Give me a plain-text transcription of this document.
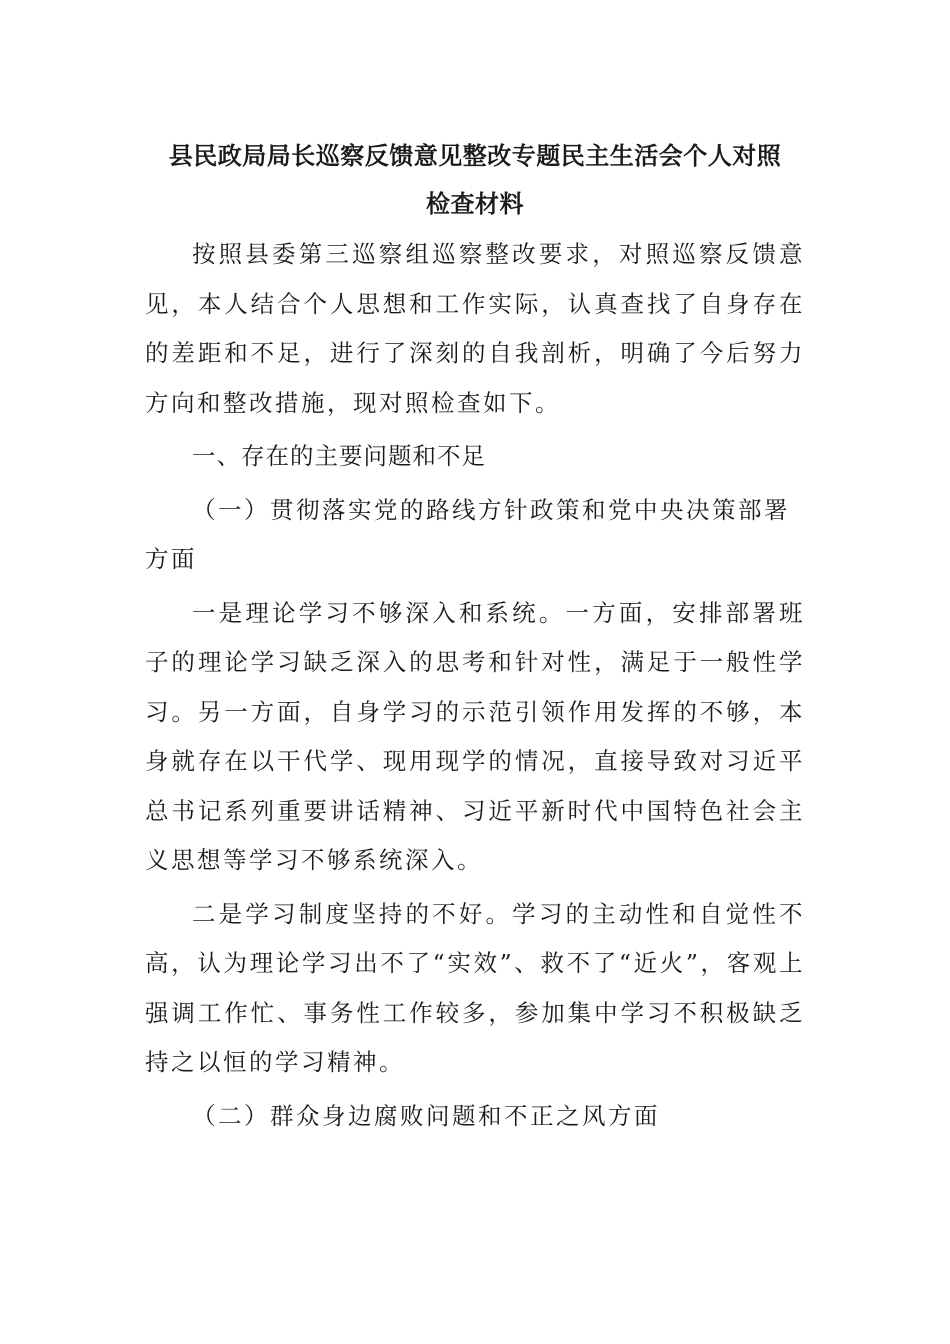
县民政局局长巡察反馈意见整改专题民主生活会个人对照
检查材料

按照县委第三巡察组巡察整改要求，对照巡察反馈意见，本人结合个人思想和工作实际，认真查找了自身存在的差距和不足，进行了深刻的自我剖析，明确了今后努力方向和整改措施，现对照检查如下。

一、存在的主要问题和不足

（一）贯彻落实党的路线方针政策和党中央决策部署方面

一是理论学习不够深入和系统。一方面，安排部署班子的理论学习缺乏深入的思考和针对性，满足于一般性学习。另一方面，自身学习的示范引领作用发挥的不够，本身就存在以干代学、现用现学的情况，直接导致对习近平总书记系列重要讲话精神、习近平新时代中国特色社会主义思想等学习不够系统深入。

二是学习制度坚持的不好。学习的主动性和自觉性不高，认为理论学习出不了“实效”、救不了“近火”，客观上强调工作忙、事务性工作较多，参加集中学习不积极缺乏持之以恒的学习精神。

（二）群众身边腐败问题和不正之风方面
